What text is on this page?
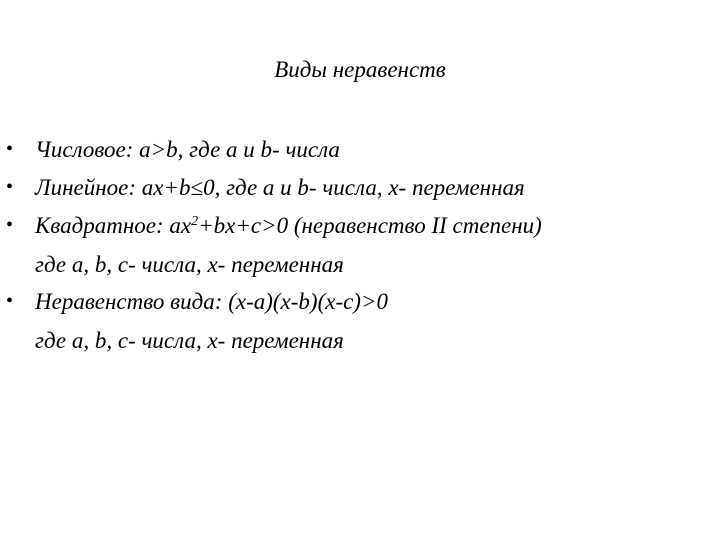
Виды неравенств
• Числовое: a>b, где a и b- числа
• Линейное: ax+b≤0, где a и b- числа, x- переменная
• Квадратное: $ax^2+bx+c>0$ (неравенство II степени)
где a, b, c- числа, x- переменная
• Неравенство вида: (x-a)(x-b)(x-c)>0
где a, b, c- числа, x- переменная
